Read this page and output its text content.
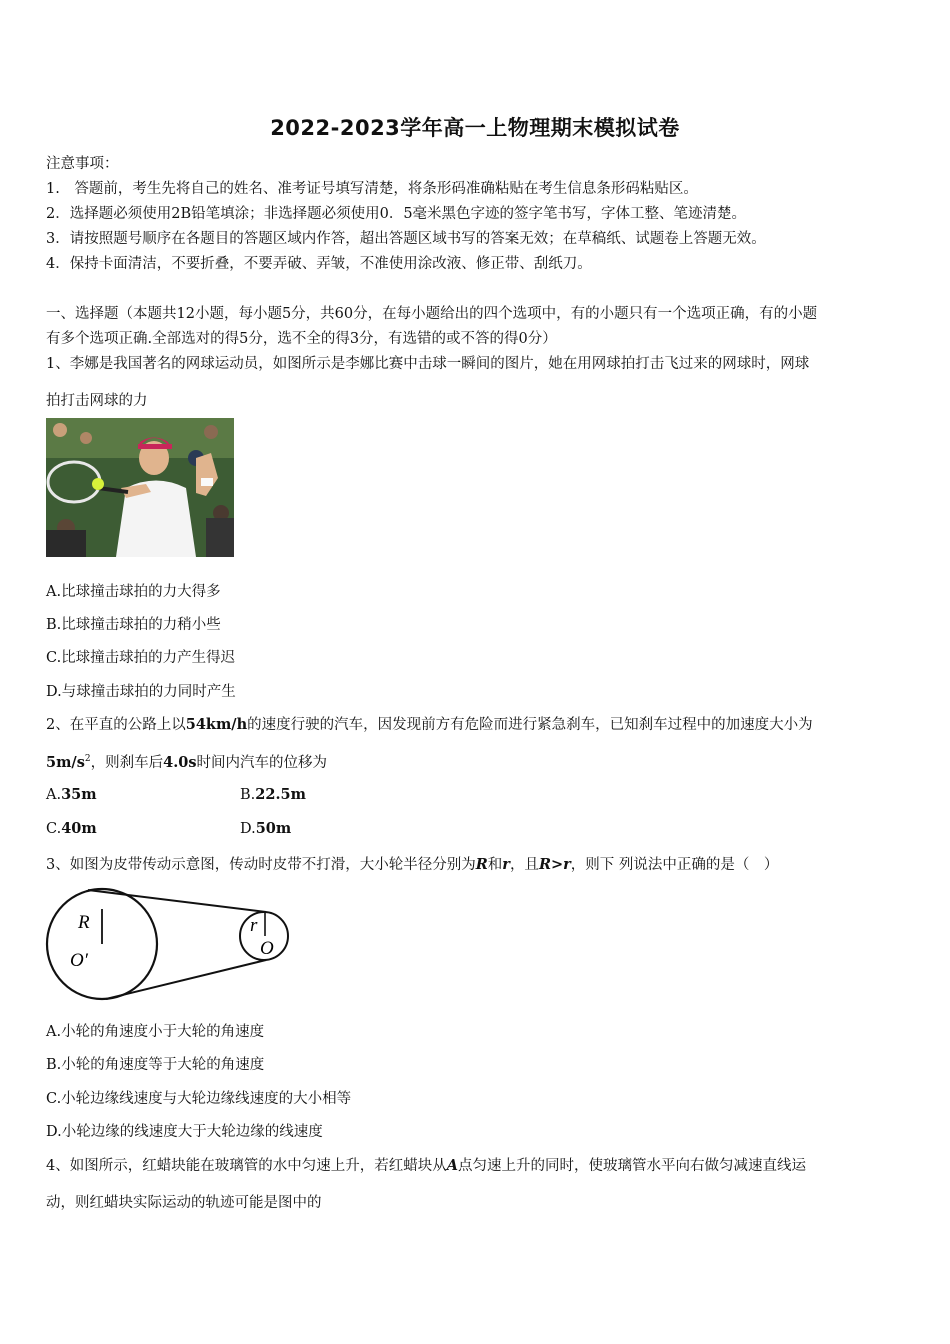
2022-2023学年高一上物理期末模拟试卷
注意事项：
1.　答题前，考生先将自己的姓名、准考证号填写清楚，将条形码准确粘贴在考生信息条形码粘贴区。
2．选择题必须使用2B铅笔填涂；非选择题必须使用0．5毫米黑色字迹的签字笔书写，字体工整、笔迹清楚。
3．请按照题号顺序在各题目的答题区域内作答，超出答题区域书写的答案无效；在草稿纸、试题卷上答题无效。
4．保持卡面清洁，不要折叠，不要弄破、弄皱，不准使用涂改液、修正带、刮纸刀。
一、选择题（本题共12小题，每小题5分，共60分，在每小题给出的四个选项中，有的小题只有一个选项正确，有的小题
有多个选项正确.全部选对的得5分，选不全的得3分，有选错的或不答的得0分）
1、李娜是我国著名的网球运动员，如图所示是李娜比赛中击球一瞬间的图片，她在用网球拍打击飞过来的网球时，网球
拍打击网球的力
A.比球撞击球拍的力大得多
B.比球撞击球拍的力稍小些
C.比球撞击球拍的力产生得迟
D.与球撞击球拍的力同时产生
2、在平直的公路上以54km/h的速度行驶的汽车，因发现前方有危险而进行紧急刹车，已知刹车过程中的加速度大小为
$5m/s^2$，则刹车后4.0s时间内汽车的位移为
A.35m	B.22.5m
C.40m	D.50m
3、如图为皮带传动示意图，传动时皮带不打滑，大小轮半径分别为R和r，且R>r，则下 列说法中正确的是（　）
R
O′
r
O
A.小轮的角速度小于大轮的角速度
B.小轮的角速度等于大轮的角速度
C.小轮边缘线速度与大轮边缘线速度的大小相等
D.小轮边缘的线速度大于大轮边缘的线速度
4、如图所示，红蜡块能在玻璃管的水中匀速上升，若红蜡块从A点匀速上升的同时，使玻璃管水平向右做匀减速直线运
动，则红蜡块实际运动的轨迹可能是图中的
